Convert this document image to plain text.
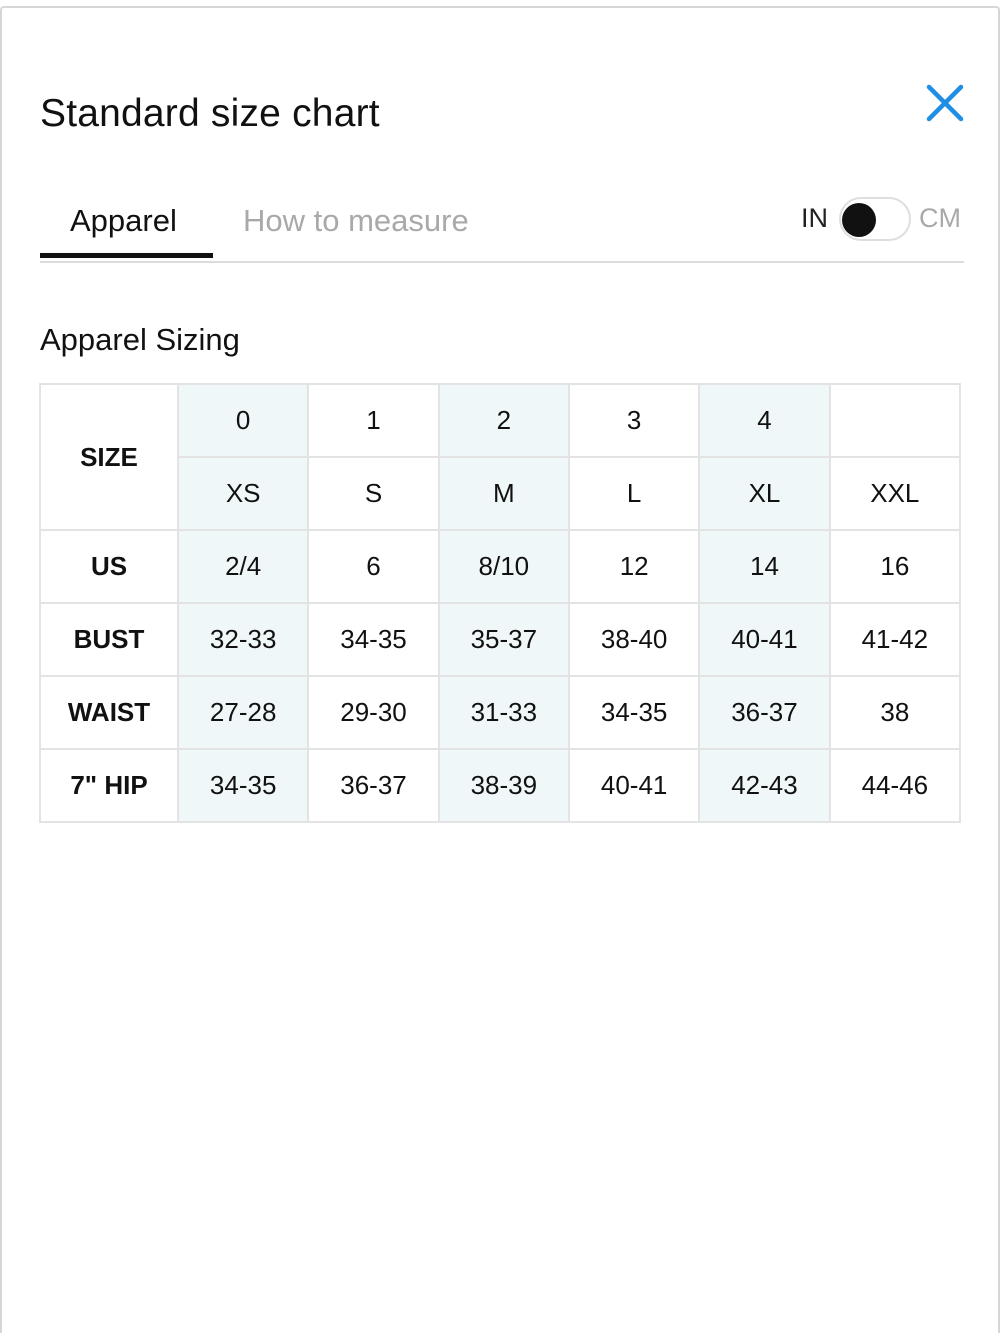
Standard size chart
Apparel How to measure	IN	CM
Apparel Sizing
SIZE	0	1	2	3	4	
	XS	S	M	L	XL	XXL
US	2/4	6	8/10	12	14	16
BUST	32-33	34-35	35-37	38-40	40-41	41-42
WAIST	27-28	29-30	31-33	34-35	36-37	38
7" HIP	34-35	36-37	38-39	40-41	42-43	44-46
